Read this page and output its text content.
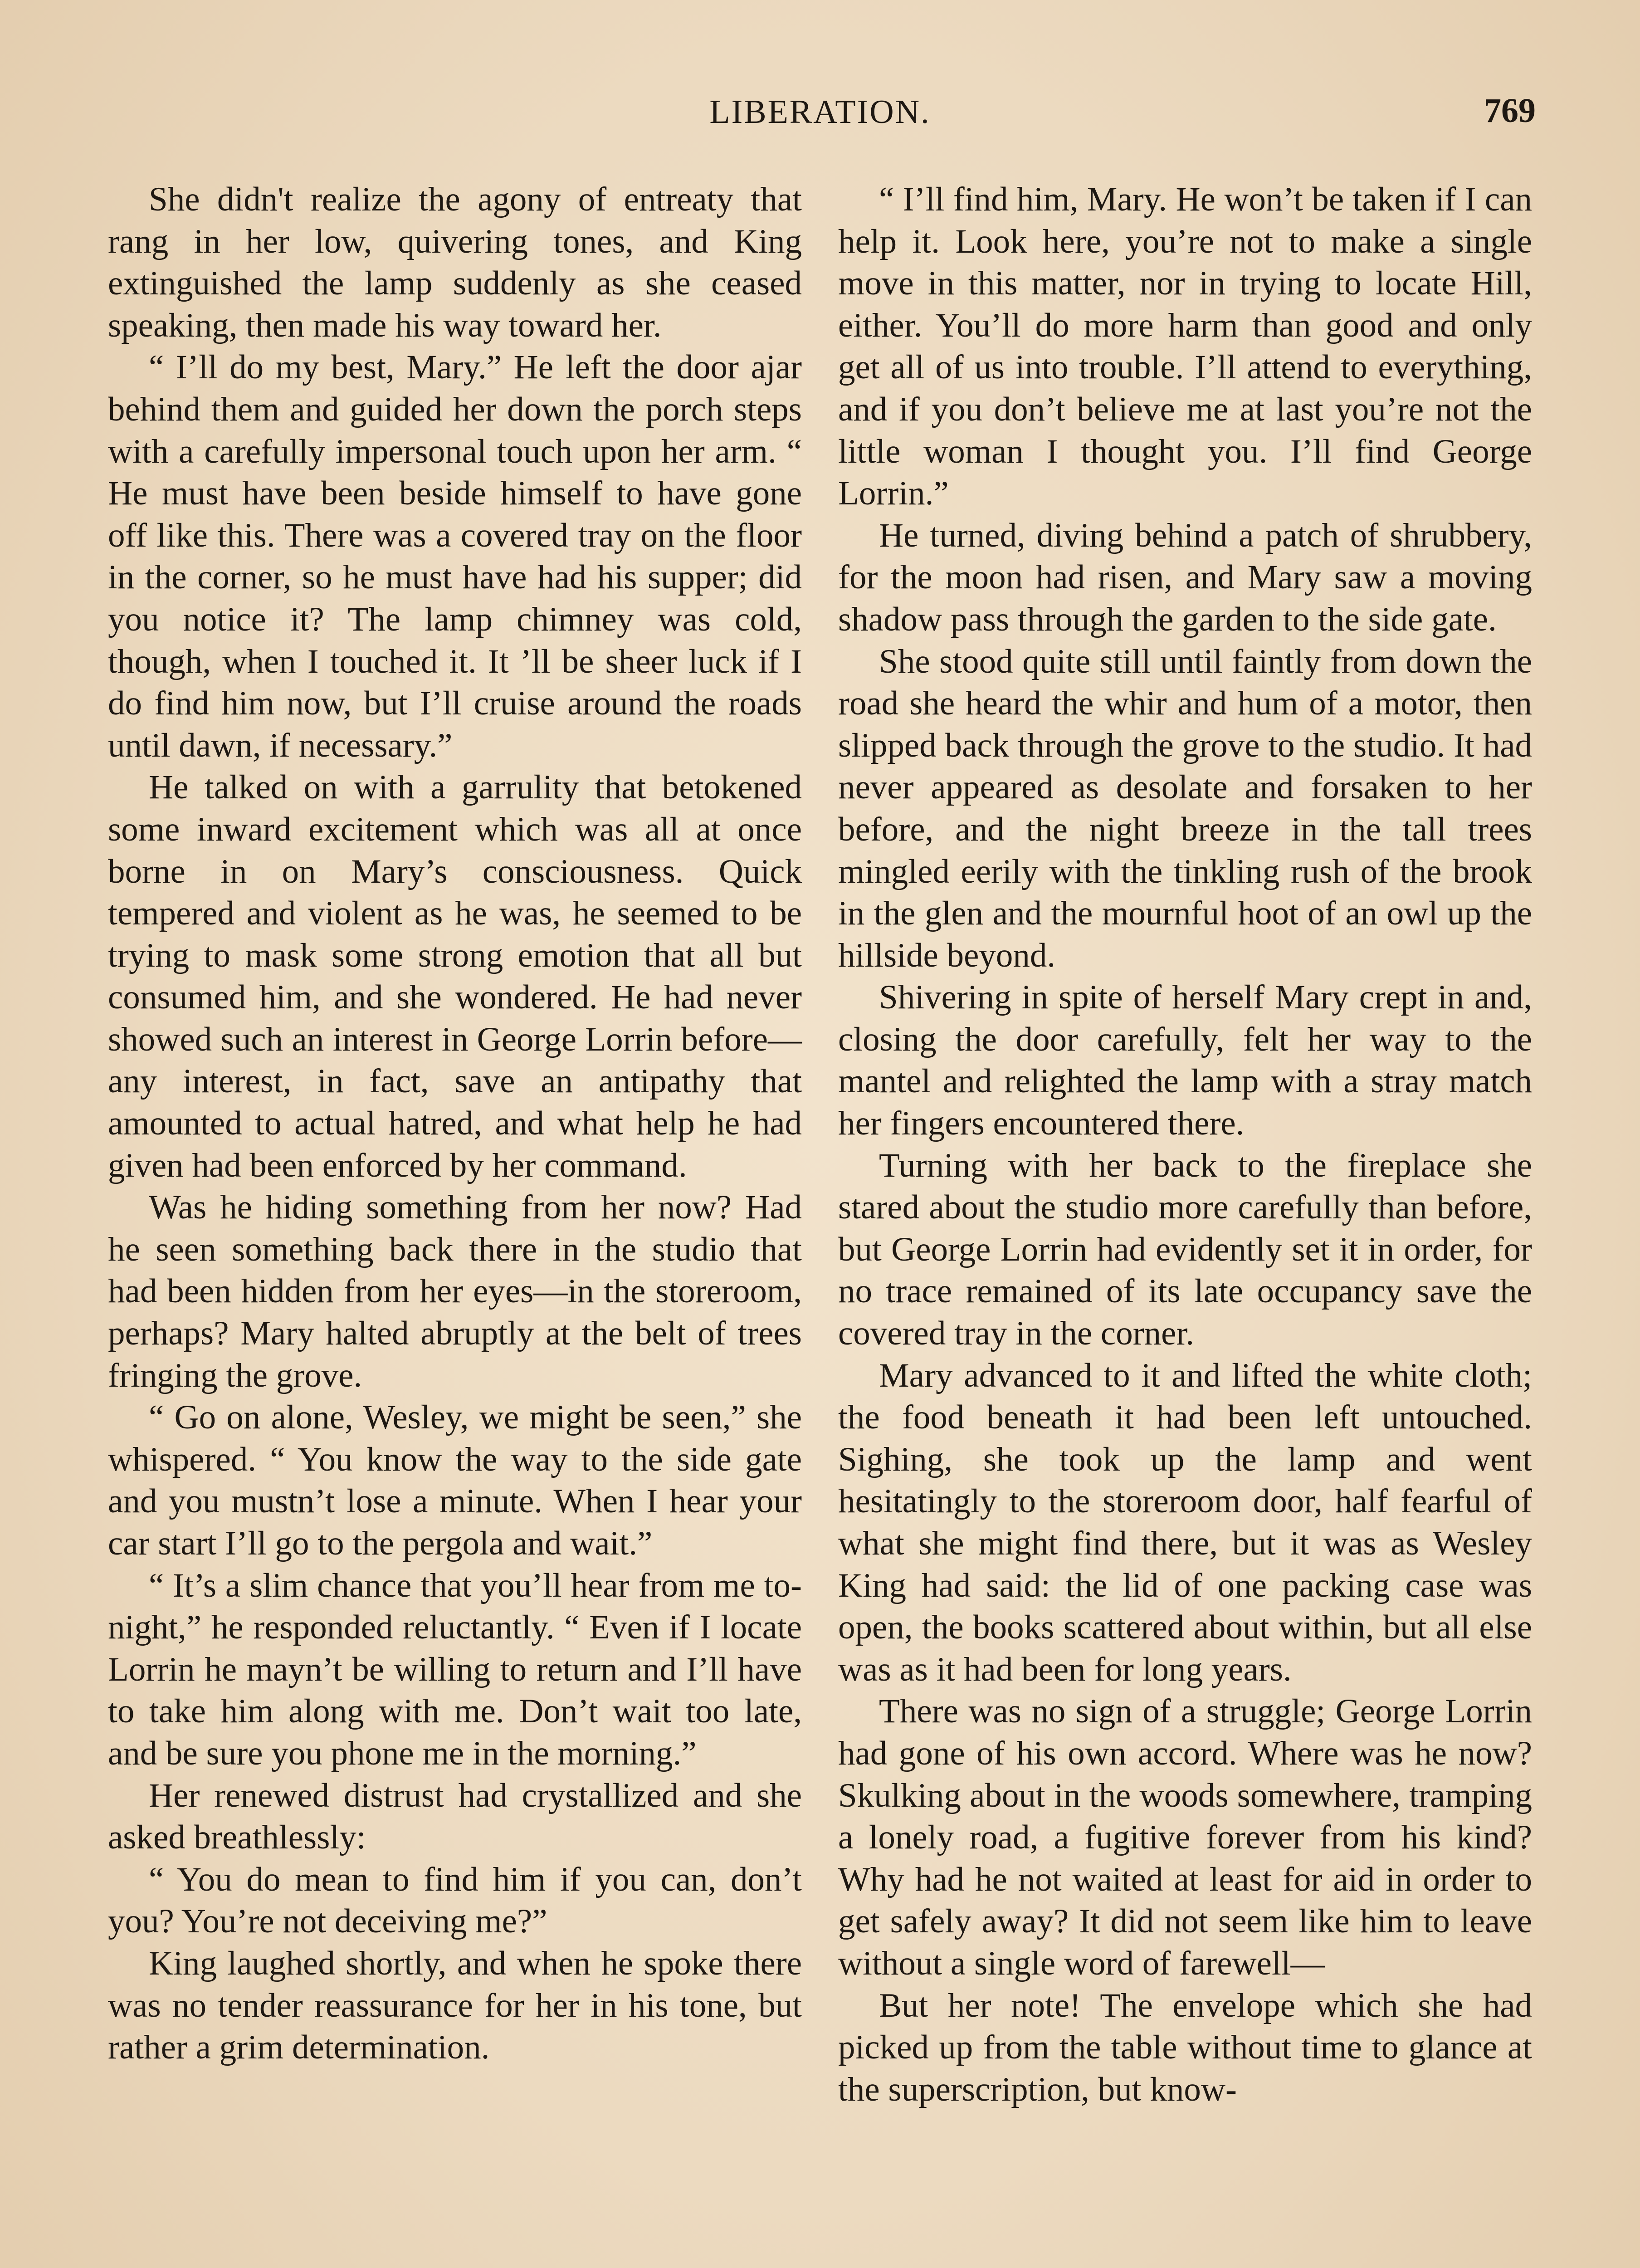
LIBERATION.	769

She didn't realize the agony of entreaty that rang in her low, quivering tones, and King extinguished the lamp suddenly as she ceased speaking, then made his way toward her.

“ I’ll do my best, Mary.” He left the door ajar behind them and guided her down the porch steps with a carefully impersonal touch upon her arm. “ He must have been beside himself to have gone off like this. There was a covered tray on the floor in the corner, so he must have had his supper; did you notice it? The lamp chimney was cold, though, when I touched it. It ’ll be sheer luck if I do find him now, but I’ll cruise around the roads until dawn, if necessary.”

He talked on with a garrulity that betokened some inward excitement which was all at once borne in on Mary’s consciousness. Quick tempered and violent as he was, he seemed to be trying to mask some strong emotion that all but consumed him, and she wondered. He had never showed such an interest in George Lorrin before—any interest, in fact, save an antipathy that amounted to actual hatred, and what help he had given had been enforced by her command.

Was he hiding something from her now? Had he seen something back there in the studio that had been hidden from her eyes—in the storeroom, perhaps? Mary halted abruptly at the belt of trees fringing the grove.

“ Go on alone, Wesley, we might be seen,” she whispered. “ You know the way to the side gate and you mustn’t lose a minute. When I hear your car start I’ll go to the pergola and wait.”

“ It’s a slim chance that you’ll hear from me to-night,” he responded reluctantly. “ Even if I locate Lorrin he mayn’t be willing to return and I’ll have to take him along with me. Don’t wait too late, and be sure you phone me in the morning.”

Her renewed distrust had crystallized and she asked breathlessly:

“ You do mean to find him if you can, don’t you? You’re not deceiving me?”

King laughed shortly, and when he spoke there was no tender reassurance for her in his tone, but rather a grim determination.

“ I’ll find him, Mary. He won’t be taken if I can help it. Look here, you’re not to make a single move in this matter, nor in trying to locate Hill, either. You’ll do more harm than good and only get all of us into trouble. I’ll attend to everything, and if you don’t believe me at last you’re not the little woman I thought you. I’ll find George Lorrin.”

He turned, diving behind a patch of shrubbery, for the moon had risen, and Mary saw a moving shadow pass through the garden to the side gate.

She stood quite still until faintly from down the road she heard the whir and hum of a motor, then slipped back through the grove to the studio. It had never appeared as desolate and forsaken to her before, and the night breeze in the tall trees mingled eerily with the tinkling rush of the brook in the glen and the mournful hoot of an owl up the hillside beyond.

Shivering in spite of herself Mary crept in and, closing the door carefully, felt her way to the mantel and relighted the lamp with a stray match her fingers encountered there.

Turning with her back to the fireplace she stared about the studio more carefully than before, but George Lorrin had evidently set it in order, for no trace remained of its late occupancy save the covered tray in the corner.

Mary advanced to it and lifted the white cloth; the food beneath it had been left untouched. Sighing, she took up the lamp and went hesitatingly to the storeroom door, half fearful of what she might find there, but it was as Wesley King had said: the lid of one packing case was open, the books scattered about within, but all else was as it had been for long years.

There was no sign of a struggle; George Lorrin had gone of his own accord. Where was he now? Skulking about in the woods somewhere, tramping a lonely road, a fugitive forever from his kind? Why had he not waited at least for aid in order to get safely away? It did not seem like him to leave without a single word of farewell—

But her note! The envelope which she had picked up from the table without time to glance at the superscription, but know-
